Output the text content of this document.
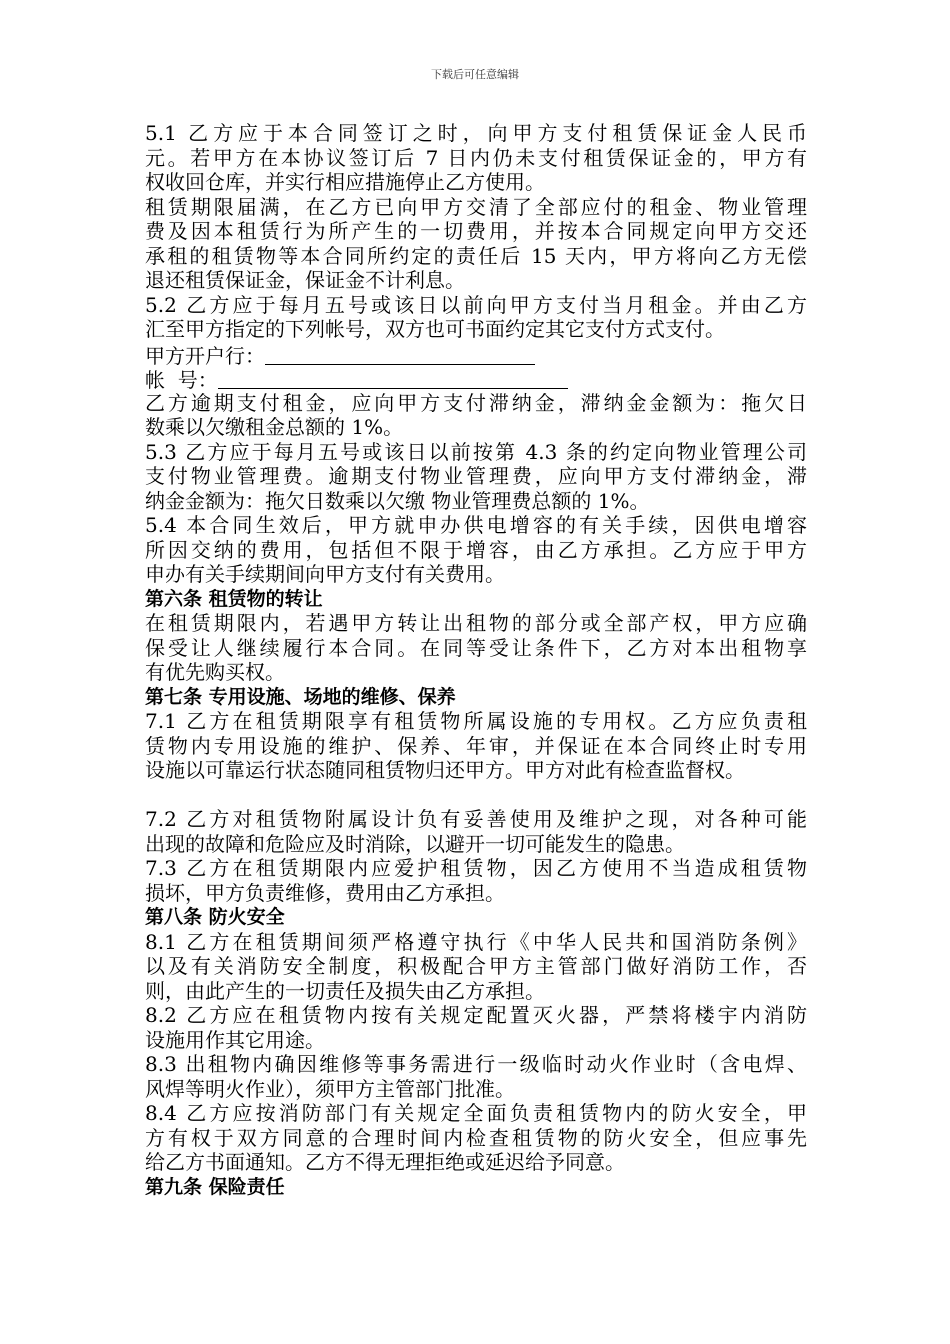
下载后可任意编辑
5.1 乙方应于本合同签订之时，向甲方支付租赁保证金人民币
元。若甲方在本协议签订后 7 日内仍未支付租赁保证金的，甲方有
权收回仓库，并实行相应措施停止乙方使用。
租赁期限届满，在乙方已向甲方交清了全部应付的租金、物业管理
费及因本租赁行为所产生的一切费用，并按本合同规定向甲方交还
承租的租赁物等本合同所约定的责任后 15 天内，甲方将向乙方无偿
退还租赁保证金，保证金不计利息。
5.2 乙方应于每月五号或该日以前向甲方支付当月租金。并由乙方
汇至甲方指定的下列帐号，双方也可书面约定其它支付方式支付。
甲方开户行：
帐  号：
乙方逾期支付租金，应向甲方支付滞纳金，滞纳金金额为：拖欠日
数乘以欠缴租金总额的 1%。
5.3 乙方应于每月五号或该日以前按第 4.3 条的约定向物业管理公司
支付物业管理费。逾期支付物业管理费，应向甲方支付滞纳金，滞
纳金金额为：拖欠日数乘以欠缴 物业管理费总额的 1%。
5.4 本合同生效后，甲方就申办供电增容的有关手续，因供电增容
所因交纳的费用，包括但不限于增容，由乙方承担。乙方应于甲方
申办有关手续期间向甲方支付有关费用。
第六条 租赁物的转让
在租赁期限内，若遇甲方转让出租物的部分或全部产权，甲方应确
保受让人继续履行本合同。在同等受让条件下，乙方对本出租物享
有优先购买权。
第七条 专用设施、场地的维修、保养
7.1 乙方在租赁期限享有租赁物所属设施的专用权。乙方应负责租
赁物内专用设施的维护、保养、年审，并保证在本合同终止时专用
设施以可靠运行状态随同租赁物归还甲方。甲方对此有检查监督权。
7.2 乙方对租赁物附属设计负有妥善使用及维护之现，对各种可能
出现的故障和危险应及时消除，以避开一切可能发生的隐患。
7.3 乙方在租赁期限内应爱护租赁物，因乙方使用不当造成租赁物
损坏，甲方负责维修，费用由乙方承担。
第八条 防火安全
8.1 乙方在租赁期间须严格遵守执行《中华人民共和国消防条例》
以及有关消防安全制度，积极配合甲方主管部门做好消防工作，否
则，由此产生的一切责任及损失由乙方承担。
8.2 乙方应在租赁物内按有关规定配置灭火器，严禁将楼宇内消防
设施用作其它用途。
8.3 出租物内确因维修等事务需进行一级临时动火作业时（含电焊、
风焊等明火作业），须甲方主管部门批准。
8.4 乙方应按消防部门有关规定全面负责租赁物内的防火安全，甲
方有权于双方同意的合理时间内检查租赁物的防火安全，但应事先
给乙方书面通知。乙方不得无理拒绝或延迟给予同意。
第九条 保险责任
